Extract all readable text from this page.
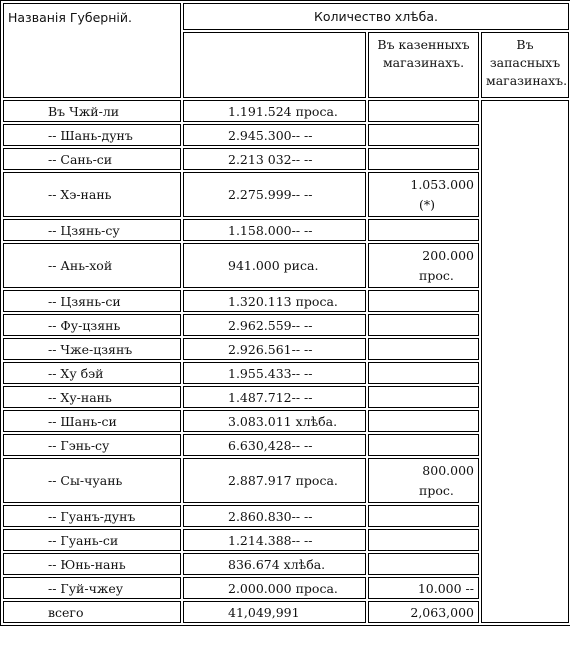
Названія Губерній.	Количество хлѣба.		
		Въ казенныхъ магазинахъ.	Въ запасныхъ магазинахъ.
Въ Чжй-ли	1.191.524 проса.		
-- Шань-дунъ	2.945.300-- --		
-- Сань-си	2.213 032-- --		
-- Хэ-нань	2.275.999-- --	1.053.000
(*)	

-- Цзянь-су	1.158.000-- --		
-- Ань-хой	941.000 риса.	200.000
прос.	

-- Цзянь-си	1.320.113 проса.		
-- Фу-цзянь	2.962.559-- --		
-- Чже-цзянъ	2.926.561-- --		
-- Ху бэй	1.955.433-- --		
-- Ху-нань	1.487.712-- --		
-- Шань-си	3.083.011 хлѣба.		
-- Гэнь-су	6.630,428-- --		
-- Сы-чуань	2.887.917 проса.	800.000
прос.	

-- Гуанъ-дунъ	2.860.830-- --		
-- Гуань-си	1.214.388-- --		
-- Юнь-нань	836.674 хлѣба.		
-- Гуй-чжеу	2.000.000 проса.	10.000 --	
всего	41,049,991	2,063,000	
